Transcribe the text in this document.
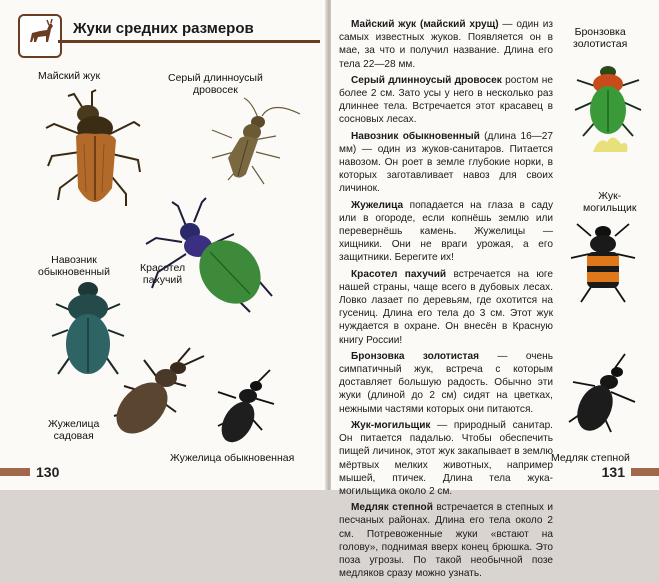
Жуки средних размеров
Майский жук	Серый длинноусый
дровосек
Навозник
обыкновенный	Красотел
пахучий
Жужелица
садовая
Жужелица обыкновенная
130

Майский жук (майский хрущ) — один из самых известных жуков. Появляется он в мае, за что и получил название. Длина его тела 22—28 мм.

Серый длинноусый дровосек ростом не более 2 см. Зато усы у него в несколько раз длиннее тела. Встречается этот красавец в сосновых лесах.

Навозник обыкновенный (длина 16—27 мм) — один из жуков-санитаров. Питается навозом. Он роет в земле глубокие норки, в которых заготавливает навоз для своих личинок.

Жужелица попадается на глаза в саду или в огороде, если копнёшь землю или перевернёшь камень. Жужелицы — хищники. Они не враги урожая, а его защитники. Берегите их!

Красотел пахучий встречается на юге нашей страны, чаще всего в дубовых лесах. Ловко лазает по деревьям, где охотится на гусениц. Длина его тела до 3 см. Этот жук нуждается в охране. Он внесён в Красную книгу России!

Бронзовка золотистая — очень симпатичный жук, встреча с которым доставляет большую радость. Обычно эти жуки (длиной до 2 см) сидят на цветках, нежными частями которых они питаются.

Жук-могильщик — природный санитар. Он питается падалью. Чтобы обеспечить пищей личинок, этот жук закапывает в землю мёртвых мелких животных, например мышей, птичек. Длина тела жука-могильщика около 2 см.

Медляк степной встречается в степных и песчаных районах. Длина его тела около 2 см. Потревоженные жуки «встают на голову», поднимая вверх конец брюшка. Это поза угрозы. По такой необычной позе медляков сразу можно узнать.

Бронзовка
золотистая
Жук-
могильщик
Медляк степной
131
